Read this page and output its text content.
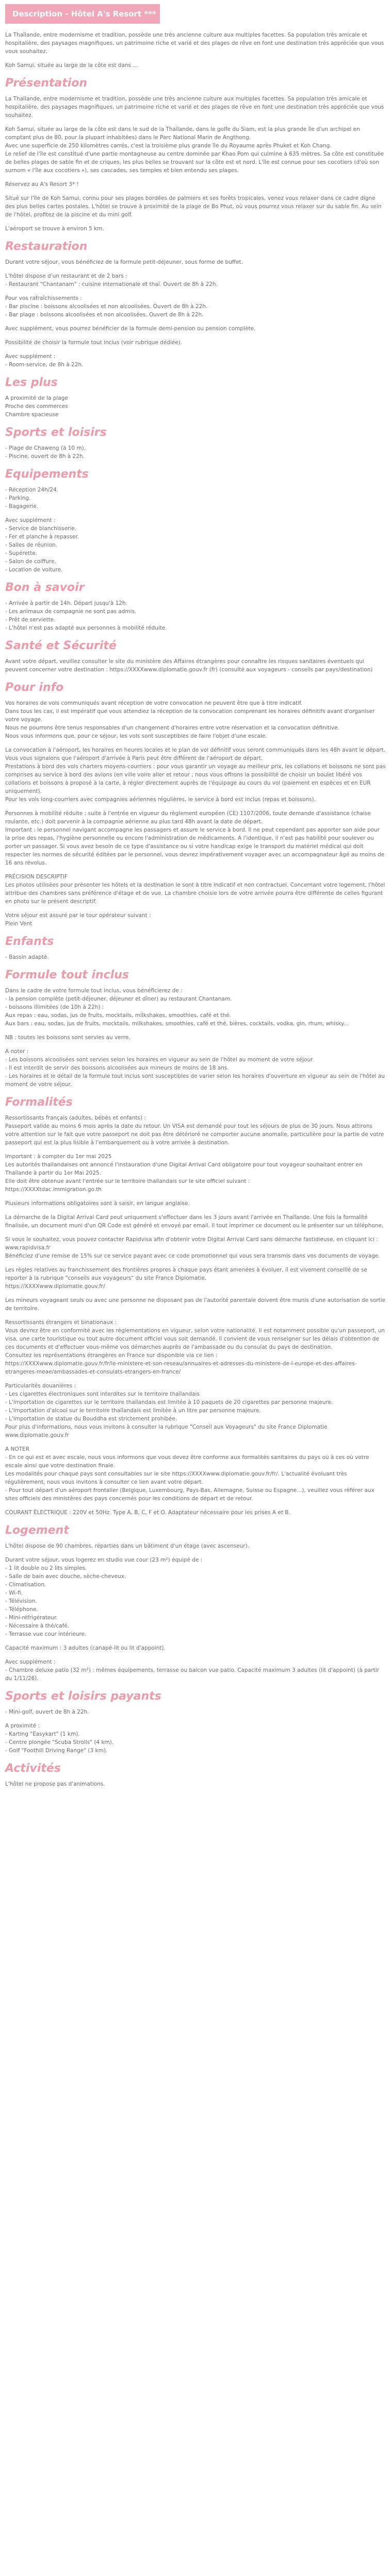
Description - Hôtel A's Resort ***
La Thaïlande, entre modernisme et tradition, possède une très ancienne culture aux multiples facettes. Sa population très amicale et hospitalière, des paysages magnifiques, un patrimoine riche et varié et des plages de rêve en font une destination très appréciée que vous vous souhaitez.
Koh Samui, située au large de la côte est dans ...
Présentation
La Thaïlande, entre modernisme et tradition, possède une très ancienne culture aux multiples facettes. Sa population très amicale et hospitalière, des paysages magnifiques, un patrimoine riche et varié et des plages de rêve en font une destination très appréciée que vous souhaitez.
Koh Samui, située au large de la côte est dans le sud de la Thaïlande, dans le golfe du Siam, est la plus grande île d'un archipel en comptant plus de 80, pour la plupart inhabitées) dans le Parc National Marin de Angthong.
Avec une superficie de 250 kilomètres carrés, c'est la troisième plus grande île du Royaume après Phuket et Koh Chang.
Le relief de l'île est constitué d'une partie montagneuse au centre dominée par Khao Pom qui culmine à 635 mètres. Sa côte est constituée de belles plages de sable fin et de criques, les plus belles se trouvant sur la côte est et nord. L'île est connue pour ses cocotiers (d'où son surnom « l'île aux cocotiers »), ses cascades, ses temples et bien entendu ses plages.
Réservez au A's Resort 3* !
Situé sur l'île de Koh Samui, connu pour ses plages bordées de palmiers et ses forêts tropicales, venez vous relaxer dans ce cadre digne des plus belles cartes postales. L'hôtel se trouve à proximité de la plage de Bo Phut, où vous pourrez vous relaxer sur du sable fin. Au sein de l'hôtel, profitez de la piscine et du mini golf.
L'aéroport se trouve à environ 5 km.
Restauration
Durant votre séjour, vous bénéficiez de la formule petit-déjeuner, sous forme de buffet.
L'hôtel dispose d'un restaurant et de 2 bars :
- Restaurant "Chantanam" : cuisine internationale et thaï. Ouvert de 8h à 22h.
Pour vos rafraîchissements :
- Bar piscine : boissons alcoolisées et non alcoolisées. Ouvert de 8h à 22h.
- Bar plage : boissons alcoolisées et non alcoolisées. Ouvert de 8h à 22h.
Avec supplément, vous pourrez bénéficier de la formule demi-pension ou pension complète.
Possibilité de choisir la formule tout inclus (voir rubrique dédiée).
Avec supplément :
- Room-service, de 8h à 22h.
Les plus
A proximité de la plage
Proche des commerces
Chambre spacieuse
Sports et loisirs
- Plage de Chaweng (à 10 m).
- Piscine, ouvert de 8h à 22h.
Equipements
- Réception 24h/24.
- Parking.
- Bagagerie.
Avec supplément :
- Service de blanchisserie.
- Fer et planche à repasser.
- Salles de réunion.
- Supérette.
- Salon de coiffure.
- Location de voiture.
Bon à savoir
- Arrivée à partir de 14h. Départ jusqu'à 12h.
- Les animaux de compagnie ne sont pas admis.
- Prêt de serviette.
- L'hôtel n'est pas adapté aux personnes à mobilité réduite.
Santé et Sécurité
Avant votre départ, veuillez consulter le site du ministère des Affaires étrangères pour connaître les risques sanitaires éventuels qui peuvent concerner votre destination : https://XXXXwww.diplomatie.gouv.fr (fr) (consulté aux voyageurs - conseils par pays/destination)
Pour info
Vos horaires de vols communiqués avant réception de votre convocation ne peuvent être que à titre indicatif.
Dans tous les cas, il est impératif que vous attendiez la réception de la convocation comprenant les horaires définitifs avant d'organiser votre voyage.
Nous ne pourrons être tenus responsables d'un changement d'horaires entre votre réservation et la convocation définitive.
Nous vous informons que, pour ce séjour, les vols sont susceptibles de faire l'objet d'une escale.
La convocation à l'aéroport, les horaires en heures locales et le plan de vol définitif vous seront communiqués dans les 48h avant le départ.
Vous vous signalons que l'aéroport d'arrivée à Paris peut être différent de l'aéroport de départ.
Prestations à bord des vols charters moyens-courriers : pour vous garantir un voyage au meilleur prix, les collations et boissons ne sont pas comprises au service à bord des avions (en ville voire aller et retour ; nous vous offrons la possibilité de choisir un boulet libéré vos collations et boissons à proposé à la carte, à régler directement auprès de l'équipage au cours du vol (paiement en espèces et en EUR uniquement).
Pour les vols long-courriers avec compagnies aériennes régulières, le service à bord est inclus (repas et boissons).
Personnes à mobilité réduite : suite à l'entrée en vigueur du règlement européen (CE) 1107/2006, toute demande d'assistance (chaise roulante, etc.) doit parvenir à la compagnie aérienne au plus tard 48h avant la date de départ.
Important : le personnel navigant accompagne les passagers et assure le service à bord. Il ne peut cependant pas apporter son aide pour la prise des repas, l'hygiène personnelle ou encore l'administration de médicaments. A l'identique, il n'est pas habilité pour soulever ou porter un passager. Si vous avez besoin de ce type d'assistance ou si votre handicap exige le transport du matériel médical qui doit respecter les normes de sécurité éditées par le personnel, vous devrez impérativement voyager avec un accompagnateur âgé au moins de 16 ans révolus.
PRÉCISION DESCRIPTIF
Les photos utilisées pour présenter les hôtels et la destination le sont à titre indicatif et non contractuel. Concernant votre logement, l'hôtel attribue des chambres sans préférence d'étage et de vue. La chambre choisie lors de votre arrivée pourra être différente de celles figurant en photo sur le présent descriptif.
Votre séjour est assuré par le tour opérateur suivant :
Plein Vent
Enfants
- Bassin adapté.
Formule tout inclus
Dans le cadre de votre formule tout inclus, vous bénéficierez de :
- la pension complète (petit-déjeuner, déjeuner et dîner) au restaurant Chantanam.
- boissons illimitées (de 10h à 22h) :
Aux repas : eau, sodas, jus de fruits, mocktails, milkshakes, smoothies, café et thé.
Aux bars : eau, sodas, jus de fruits, mocktails, milkshakes, smoothies, café et thé, bières, cocktails, vodka, gin, rhum, whisky...
NB : toutes les boissons sont servies au verre.
A noter :
- Les boissons alcoolisées sont servies selon les horaires en vigueur au sein de l'hôtel au moment de votre séjour.
- Il est interdit de servir des boissons alcoolisées aux mineurs de moins de 18 ans.
- Les horaires et le détail de la formule tout inclus sont susceptibles de varier selon les horaires d'ouverture en vigueur au sein de l'hôtel au moment de votre séjour.
Formalités
Ressortissants français (adultes, bébés et enfants) :
Passeport valide au moins 6 mois après la date du retour. Un VISA est demandé pour tout les séjours de plus de 30 jours. Nous attirons votre attention sur le fait que votre passeport ne doit pas être détérioré ne comporter aucune anomalie, particulière pour la partie de votre passeport qui est la plus lisible à l'embarquement ou à votre arrivée à destination.
Important : à compter du 1er mai 2025
Les autorités thaïlandaises ont annoncé l'instauration d'une Digital Arrival Card obligatoire pour tout voyageur souhaitant entrer en Thaïlande à partir du 1er Mai 2025.
Elle doit être obtenue avant l'entrée sur le territoire thaïlandais sur le site officiel suivant :
https://XXXXtdac.immigration.go.th
Plusieurs informations obligatoires sont à saisir, en langue anglaise.
La démarche de la Digital Arrival Card peut uniquement s'effectuer dans les 3 jours avant l'arrivée en Thaïlande. Une fois la formalité finalisée, un document muni d'un QR Code est généré et envoyé par email. Il tout imprimer ce document ou le présenter sur un téléphone.
Si vous le souhaitez, vous pouvez contacter Rapidvisa afin d'obtenir votre Digital Arrival Card sans démarche fastidieuse, en cliquant ici : www.rapidvisa.fr
Bénéficiez d'une remise de 15% sur ce service payant avec ce code promotionnel qui vous sera transmis dans vos documents de voyage.
Les règles relatives au franchissement des frontières propres à chaque pays étant amenées à évoluer, il est vivement conseillé de se reporter à la rubrique "conseils aux voyageurs" du site France Diplomatie.
https://XXXXwww.diplomatie.gouv.fr/
Les mineurs voyageant seuls ou avec une personne ne disposant pas de l'autorité parentale doivent être munis d'une autorisation de sortie de territoire.
Ressortissants étrangers et binationaux :
Vous devrez être en conformité avec les réglementations en vigueur, selon votre nationalité. Il est notamment possible qu'un passeport, un visa, une carte touristique ou tout autre document officiel vous soit demandé. Il convient de vous renseigner sur les délais d'obtention de ces documents et d'effectuer vous-même vos démarches auprès de l'ambassade ou du consulat du pays de destination.
Consultez les représentations étrangères en France sur disponible via ce lien :
https://XXXXwww.diplomatie.gouv.fr/fr/le-ministere-et-son-reseau/annuaires-et-adresses-du-ministere-de-l-europe-et-des-affaires-etrangeres-meae/ambassades-et-consulats-etrangers-en-france/
Particularités douanières :
- Les cigarettes électroniques sont interdites sur le territoire thaïlandais
- L'importation de cigarettes sur le territoire thaïlandais est limitée à 10 paquets de 20 cigarettes par personne majeure.
- L'importation d'alcool sur le territoire thaïlandais est limitée à un litre par personne majeure.
- L'importation de statue du Bouddha est strictement prohibée.
Pour plus d'informations, nous vous invitons à consulter la rubrique "Conseil aux Voyageurs" du site France Diplomatie www.diplomatie.gouv.fr
A NOTER
- En ce qui est et avec escale, nous vous informons que vous devez être conforme aux formalités sanitaires du pays où à ces où votre escale ainsi que votre destination finale.
Les modalités pour chaque pays sont consultables sur le site https://XXXXwww.diplomatie.gouv.fr/fr/. L'actualité évoluant très régulièrement, nous vous invitons à consulter ce lien avant votre départ.
- Pour tout départ d'un aéroport frontalier (Belgique, Luxembourg, Pays-Bas, Allemagne, Suisse ou Espagne...), veuillez vous référer aux sites officiels des ministères des pays concernés pour les conditions de départ et de retour.
COURANT ÉLECTRIQUE : 220V et 50Hz. Type A, B, C, F et O. Adaptateur nécessaire pour les prises A et B.
Logement
L'hôtel dispose de 90 chambres, réparties dans un bâtiment d'un étage (avec ascenseur).
Durant votre séjour, vous logerez en studio vue cour (23 m²) équipé de :
- 1 lit double ou 2 lits simples.
- Salle de bain avec douche, sèche-cheveux.
- Climatisation.
- Wi-fi.
- Télévision.
- Téléphone.
- Mini-réfrigérateur.
- Nécessaire à thé/café.
- Terrasse vue cour intérieure.
Capacité maximum : 3 adultes (canapé-lit ou lit d'appoint).
Avec supplément :
- Chambre deluxe patio (32 m²) : mêmes équipements, terrasse ou balcon vue patio. Capacité maximum 3 adultes (lit d'appoint) (à partir du 1/11/26).
Sports et loisirs payants
- Mini-golf, ouvert de 8h à 22h.
A proximité :
- Karting "Easykart" (1 km).
- Centre plongée "Scuba Strolls" (4 km).
- Golf "Foothill Driving Range" (3 km).
Activités
L'hôtel ne propose pas d'animations.
